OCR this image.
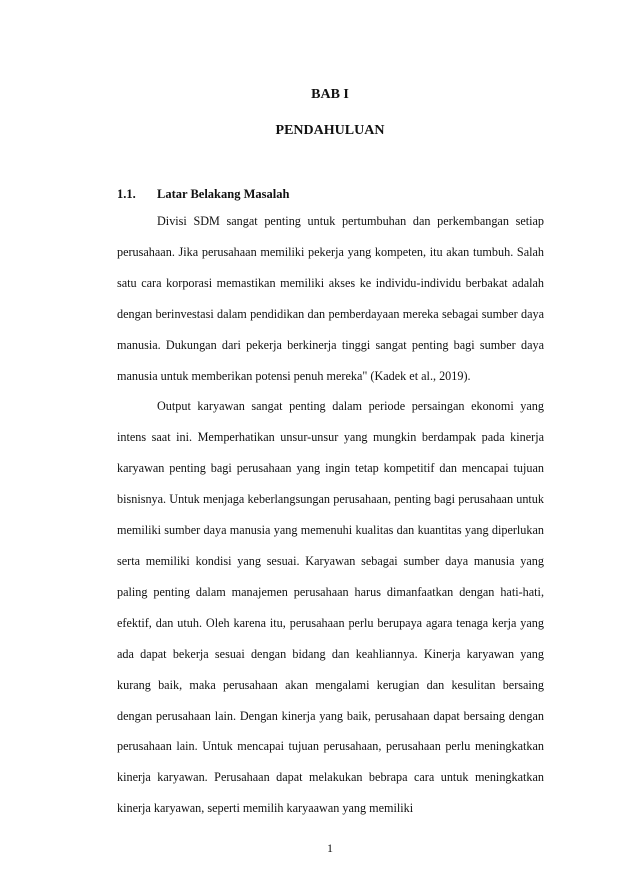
BAB I
PENDAHULUAN
1.1. Latar Belakang Masalah

Divisi SDM sangat penting untuk pertumbuhan dan perkembangan setiap perusahaan. Jika perusahaan memiliki pekerja yang kompeten, itu akan tumbuh. Salah satu cara korporasi memastikan memiliki akses ke individu-individu berbakat adalah dengan berinvestasi dalam pendidikan dan pemberdayaan mereka sebagai sumber daya manusia. Dukungan dari pekerja berkinerja tinggi sangat penting bagi sumber daya manusia untuk memberikan potensi penuh mereka" (Kadek et al., 2019).

Output karyawan sangat penting dalam periode persaingan ekonomi yang intens saat ini. Memperhatikan unsur-unsur yang mungkin berdampak pada kinerja karyawan penting bagi perusahaan yang ingin tetap kompetitif dan mencapai tujuan bisnisnya. Untuk menjaga keberlangsungan perusahaan, penting bagi perusahaan untuk memiliki sumber daya manusia yang memenuhi kualitas dan kuantitas yang diperlukan serta memiliki kondisi yang sesuai. Karyawan sebagai sumber daya manusia yang paling penting dalam manajemen perusahaan harus dimanfaatkan dengan hati-hati, efektif, dan utuh. Oleh karena itu, perusahaan perlu berupaya agara tenaga kerja yang ada dapat bekerja sesuai dengan bidang dan keahliannya. Kinerja karyawan yang kurang baik, maka perusahaan akan mengalami kerugian dan kesulitan bersaing dengan perusahaan lain. Dengan kinerja yang baik, perusahaan dapat bersaing dengan perusahaan lain. Untuk mencapai tujuan perusahaan, perusahaan perlu meningkatkan kinerja karyawan. Perusahaan dapat melakukan bebrapa cara untuk meningkatkan kinerja karyawan, seperti memilih karyaawan yang memiliki

1
